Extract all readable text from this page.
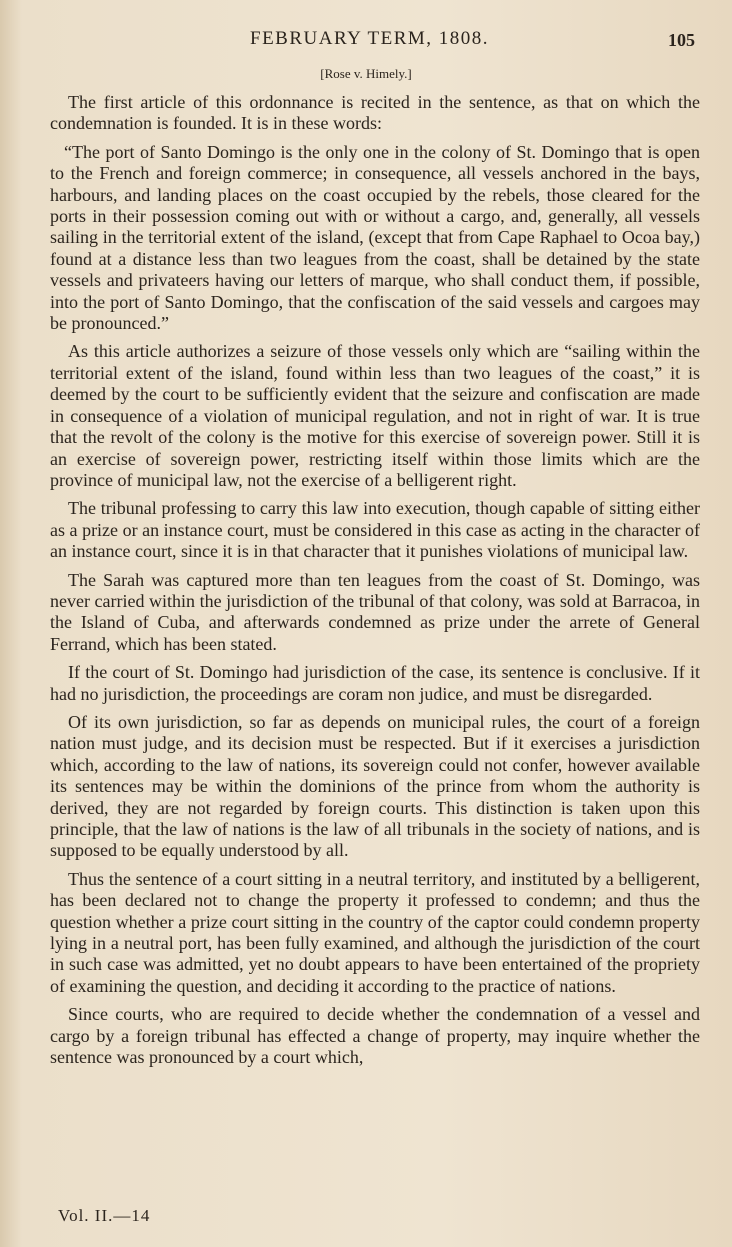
FEBRUARY TERM, 1808.	105
[Rose v. Himely.]

The first article of this ordonnance is recited in the sentence, as that on which the condemnation is founded. It is in these words:

“The port of Santo Domingo is the only one in the colony of St. Domingo that is open to the French and foreign commerce; in consequence, all vessels anchored in the bays, harbours, and landing places on the coast occupied by the rebels, those cleared for the ports in their possession coming out with or without a cargo, and, generally, all vessels sailing in the territorial extent of the island, (except that from Cape Raphael to Ocoa bay,) found at a distance less than two leagues from the coast, shall be detained by the state vessels and privateers having our letters of marque, who shall conduct them, if possible, into the port of Santo Domingo, that the confiscation of the said vessels and cargoes may be pronounced.”

As this article authorizes a seizure of those vessels only which are “sailing within the territorial extent of the island, found within less than two leagues of the coast,” it is deemed by the court to be sufficiently evident that the seizure and confiscation are made in consequence of a violation of municipal regulation, and not in right of war. It is true that the revolt of the colony is the motive for this exercise of sovereign power. Still it is an exercise of sovereign power, restricting itself within those limits which are the province of municipal law, not the exercise of a belligerent right.

The tribunal professing to carry this law into execution, though capable of sitting either as a prize or an instance court, must be considered in this case as acting in the character of an instance court, since it is in that character that it punishes violations of municipal law.

The Sarah was captured more than ten leagues from the coast of St. Domingo, was never carried within the jurisdiction of the tribunal of that colony, was sold at Barracoa, in the Island of Cuba, and afterwards condemned as prize under the arrete of General Ferrand, which has been stated.

If the court of St. Domingo had jurisdiction of the case, its sentence is conclusive. If it had no jurisdiction, the proceedings are coram non judice, and must be disregarded.

Of its own jurisdiction, so far as depends on municipal rules, the court of a foreign nation must judge, and its decision must be respected. But if it exercises a jurisdiction which, according to the law of nations, its sovereign could not confer, however available its sentences may be within the dominions of the prince from whom the authority is derived, they are not regarded by foreign courts. This distinction is taken upon this principle, that the law of nations is the law of all tribunals in the society of nations, and is supposed to be equally understood by all.

Thus the sentence of a court sitting in a neutral territory, and instituted by a belligerent, has been declared not to change the property it professed to condemn; and thus the question whether a prize court sitting in the country of the captor could condemn property lying in a neutral port, has been fully examined, and although the jurisdiction of the court in such case was admitted, yet no doubt appears to have been entertained of the propriety of examining the question, and deciding it according to the practice of nations.

Since courts, who are required to decide whether the condemnation of a vessel and cargo by a foreign tribunal has effected a change of property, may inquire whether the sentence was pronounced by a court which,

Vol. II.—14
